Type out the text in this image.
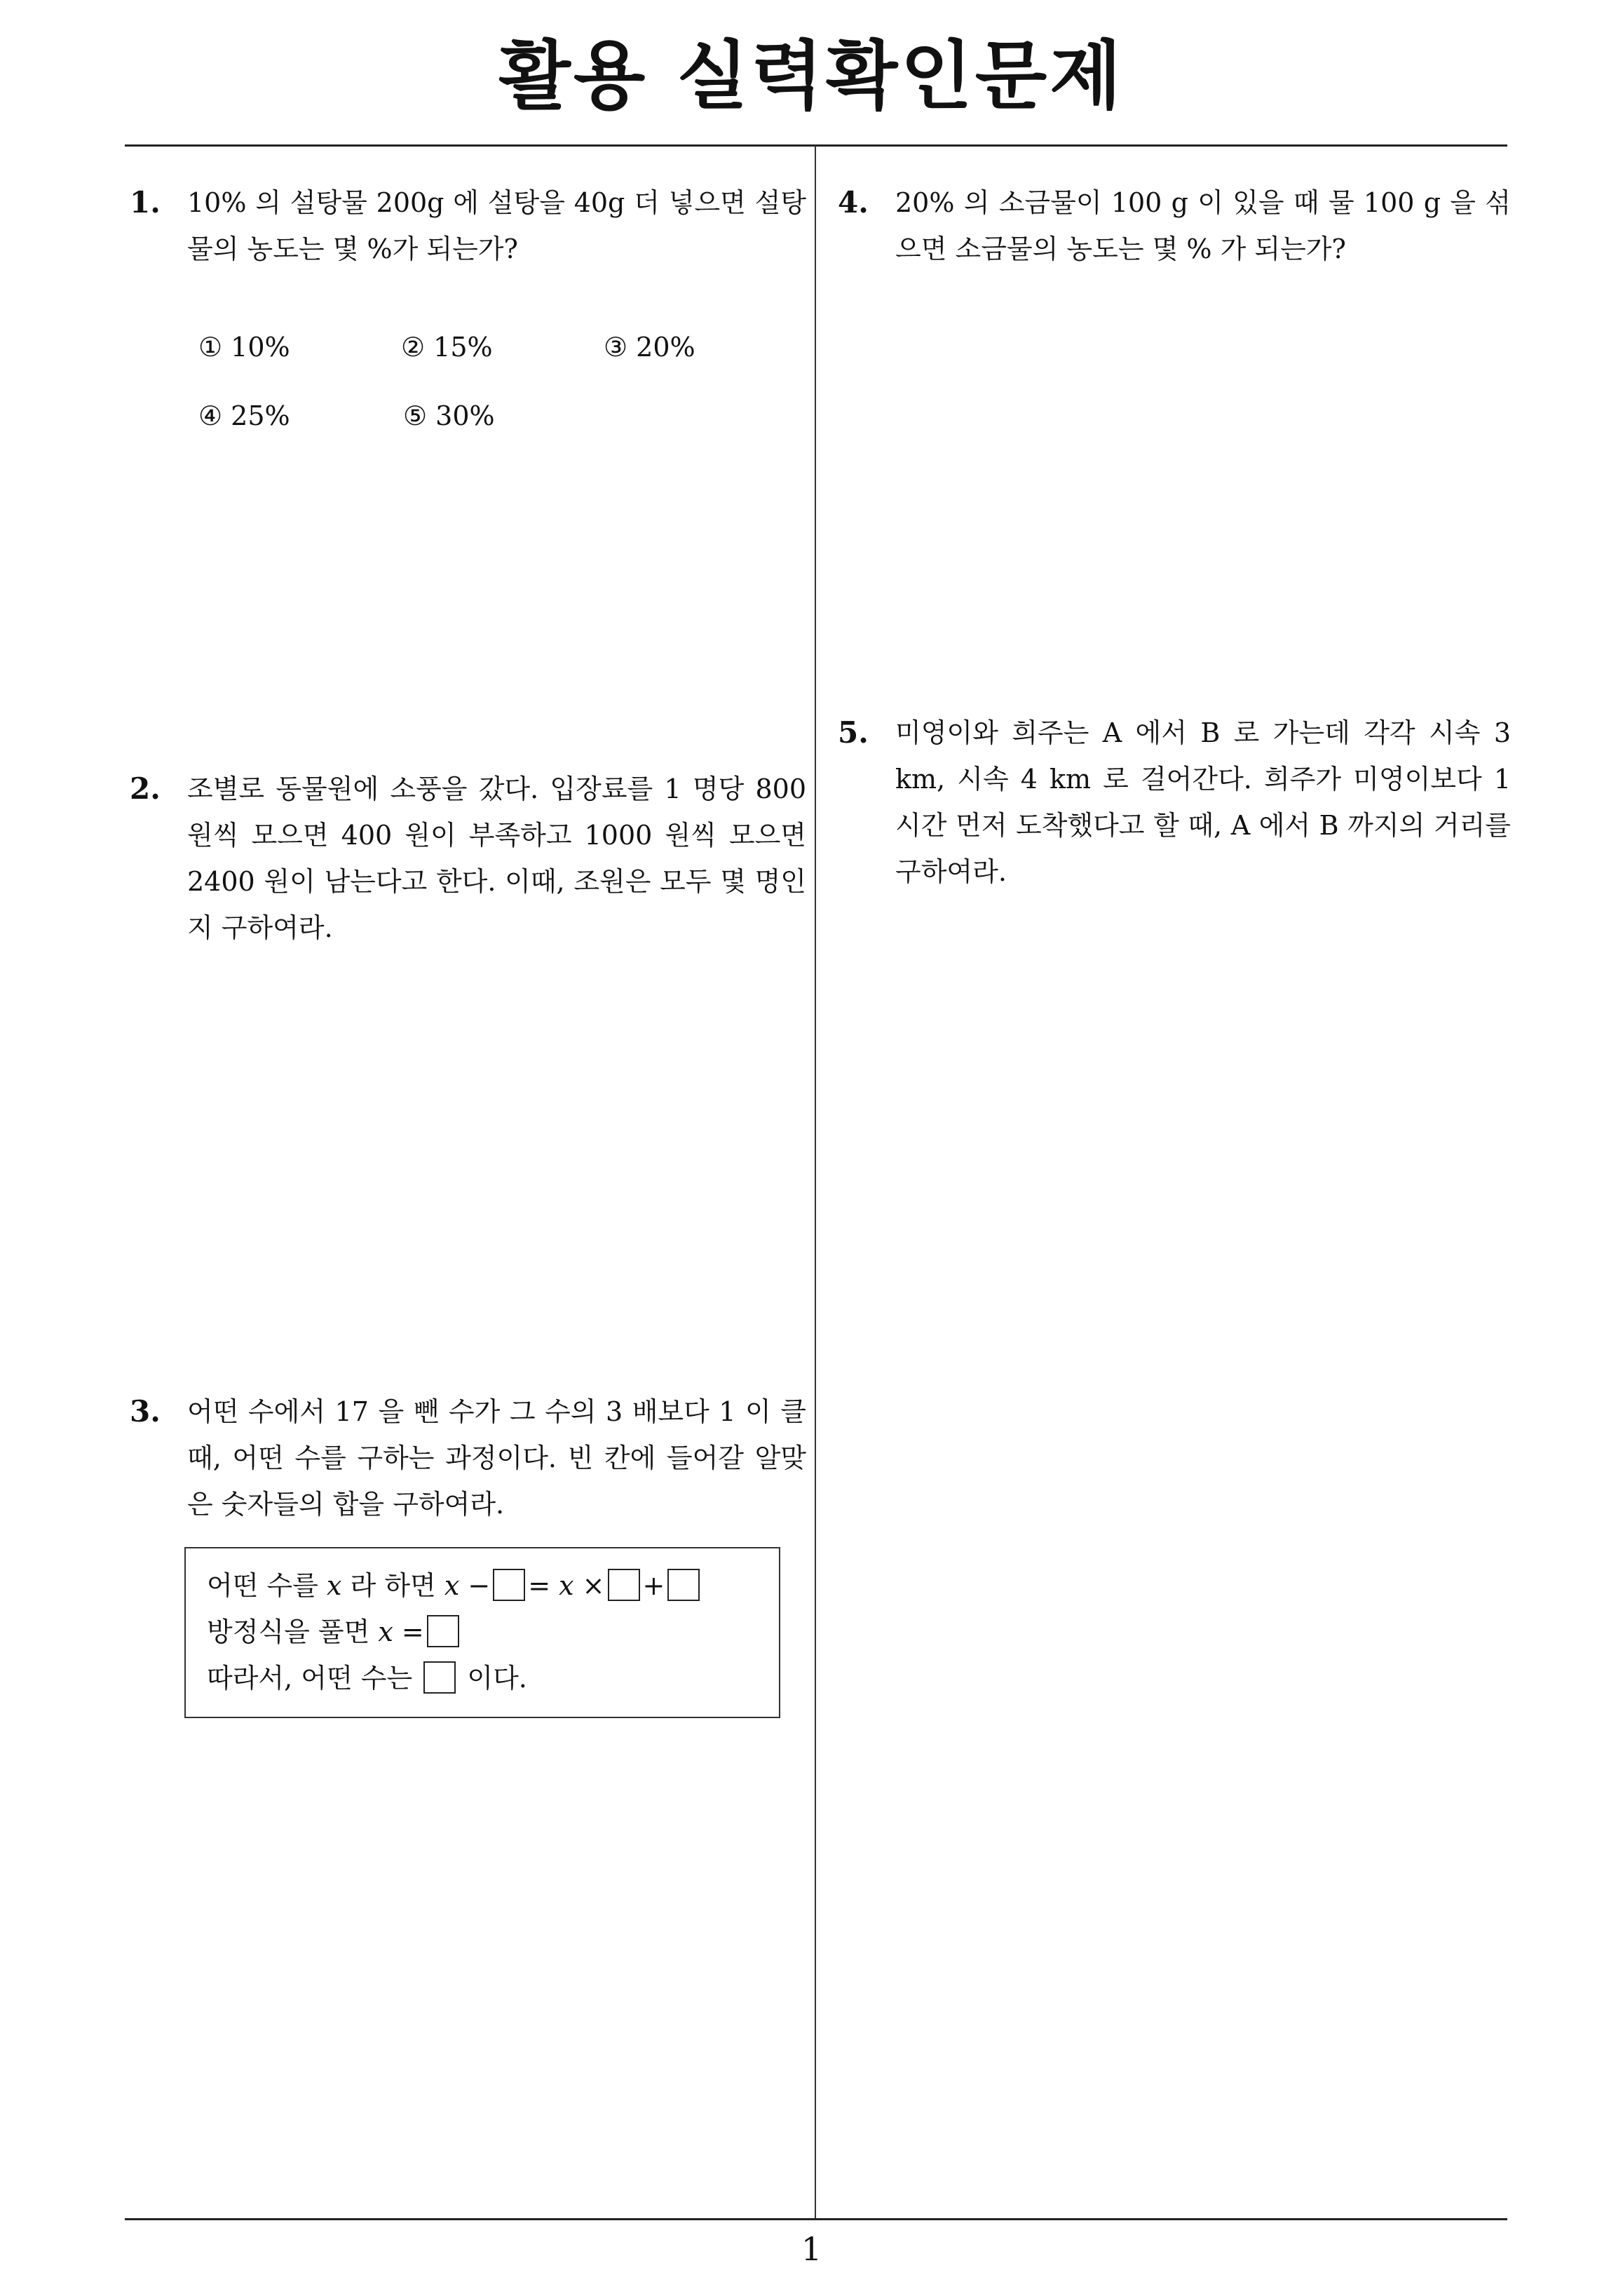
활용 실력확인문제
1. 10% 의 설탕물 200g 에 설탕을 40g 더 넣으면 설탕물의 농도는 몇 %가 되는가?
① 10%	② 15%	③ 20%
④ 25%	⑤ 30%
2. 조별로 동물원에 소풍을 갔다. 입장료를 1 명당 800 원씩 모으면 400 원이 부족하고 1000 원씩 모으면 2400 원이 남는다고 한다. 이때, 조원은 모두 몇 명인지 구하여라.
3. 어떤 수에서 17 을 뺀 수가 그 수의 3 배보다 1 이 클 때, 어떤 수를 구하는 과정이다. 빈 칸에 들어갈 알맞은 숫자들의 합을 구하여라.
어떤 수를 x 라 하면 x − = x × +
방정식을 풀면 x =
따라서, 어떤 수는 이다.
4. 20% 의 소금물이 100 g 이 있을 때 물 100 g 을 섞으면 소금물의 농도는 몇 % 가 되는가?
5. 미영이와 희주는 A 에서 B 로 가는데 각각 시속 3 km, 시속 4 km 로 걸어간다. 희주가 미영이보다 1 시간 먼저 도착했다고 할 때, A 에서 B 까지의 거리를 구하여라.
1
